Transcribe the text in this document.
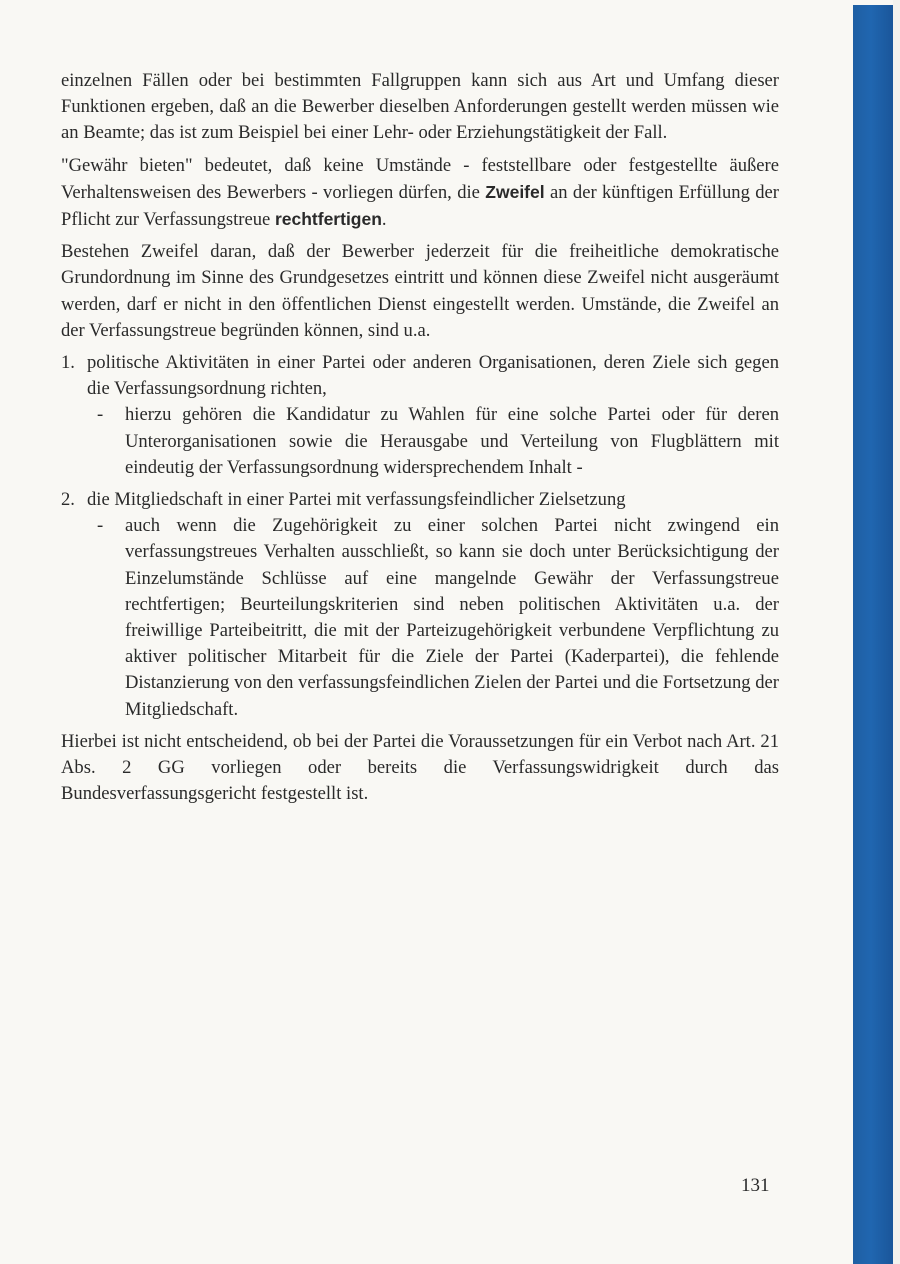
einzelnen Fällen oder bei bestimmten Fallgruppen kann sich aus Art und Umfang dieser Funktionen ergeben, daß an die Bewerber dieselben Anforderungen gestellt werden müssen wie an Beamte; das ist zum Beispiel bei einer Lehr- oder Erziehungstätigkeit der Fall.

"Gewähr bieten" bedeutet, daß keine Umstände - feststellbare oder festgestellte äußere Verhaltensweisen des Bewerbers - vorliegen dürfen, die Zweifel an der künftigen Erfüllung der Pflicht zur Verfassungstreue rechtfertigen.

Bestehen Zweifel daran, daß der Bewerber jederzeit für die freiheitliche demokratische Grundordnung im Sinne des Grundgesetzes eintritt und können diese Zweifel nicht ausgeräumt werden, darf er nicht in den öffentlichen Dienst eingestellt werden. Umstände, die Zweifel an der Verfassungstreue begründen können, sind u.a.

1. politische Aktivitäten in einer Partei oder anderen Organisationen, deren Ziele sich gegen die Verfassungsordnung richten,
- hierzu gehören die Kandidatur zu Wahlen für eine solche Partei oder für deren Unterorganisationen sowie die Herausgabe und Verteilung von Flugblättern mit eindeutig der Verfassungsordnung widersprechendem Inhalt -
2. die Mitgliedschaft in einer Partei mit verfassungsfeindlicher Zielsetzung
- auch wenn die Zugehörigkeit zu einer solchen Partei nicht zwingend ein verfassungstreues Verhalten ausschließt, so kann sie doch unter Berücksichtigung der Einzelumstände Schlüsse auf eine mangelnde Gewähr der Verfassungstreue rechtfertigen; Beurteilungskriterien sind neben politischen Aktivitäten u.a. der freiwillige Parteibeitritt, die mit der Parteizugehörigkeit verbundene Verpflichtung zu aktiver politischer Mitarbeit für die Ziele der Partei (Kaderpartei), die fehlende Distanzierung von den verfassungsfeindlichen Zielen der Partei und die Fortsetzung der Mitgliedschaft.

Hierbei ist nicht entscheidend, ob bei der Partei die Voraussetzungen für ein Verbot nach Art. 21 Abs. 2 GG vorliegen oder bereits die Verfassungswidrigkeit durch das Bundesverfassungsgericht festgestellt ist.

131
